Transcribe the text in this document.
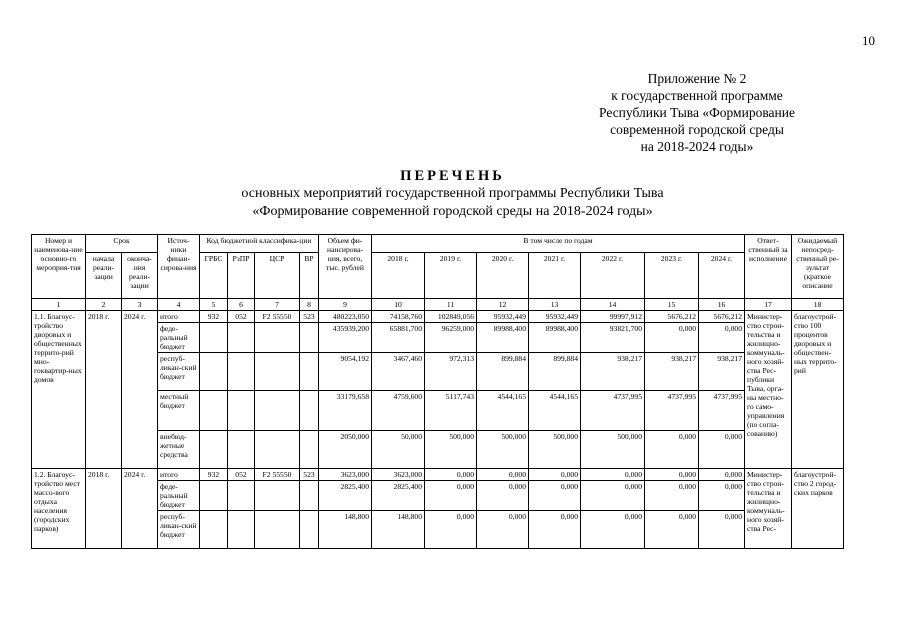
10
Приложение № 2
к государственной программе
Республики Тыва «Формирование
современной городской среды
на 2018-2024 годы»
ПЕРЕЧЕНЬ
основных мероприятий государственной программы Республики Тыва
«Формирование современной городской среды на 2018-2024 годы»
Номер и наименова-ние основно-го мероприя-тия	Срок		Источ-ники финан-сирова-ния	Код бюджетной классифика-ции				Объем фи-нансирова-ния, всего, тыс. рублей	В том числе по годам							Ответ-ственный за исполнение	Ожидаемый непосред-ственный ре-зультат (краткое описание
	начала реали-зации	оконча-ния реали-зации		ГРБС	РзПР	ЦСР	ВР		2018 г.	2019 г.	2020 г.	2021 г.	2022 г.	2023 г.	2024 г.		
1	2	3	4	5	6	7	8	9	10	11	12	13	14	15	16	17	18
1.1. Благоус-тройство дворовых и общественных террито-рий мно-гоквартир-ных домов	2018 г.	2024 г.	итого	932	052	F2 55550	523	480223,050	74158,760	102849,056	95932,449	95932,449	99997,912	5676,212	5676,212	Министер-ство строи-тельства и жилищно-коммуналь-ного хозяй-ства Рес-публики Тыва, орга-ны местно-го само-управления (по согла-сованию)	благоустрой-ство 100 процентов дворовых и обществен-ных террито-рий
			феде-ральный бюджет					435939,200	65881,700	96259,000	89988,400	89988,400	93821,700	0,000	0,000		
			респуб-ликан-ский бюджет					9054,192	3467,460	972,313	899,884	899,884	938,217	938,217	938,217		
			местный бюджет					33179,658	4759,600	5117,743	4544,165	4544,165	4737,995	4737,995	4737,995		
			внебюд-жетные средства					2050,000	50,000	500,000	500,000	500,000	500,000	0,000	0,000		
1.2. Благоус-тройство мест массо-вого отдыха населения (городских парков)	2018 г.	2024 г.	итого	932	052	F2 55550	523	3623,000	3623,000	0,000	0,000	0,000	0,000	0,000	0,000	Министер-ство строи-тельства и жилищно-коммуналь-ного хозяй-ства Рес-	благоустрой-ство 2 город-ских парков
			феде-ральный бюджет					2825,400	2825,400	0,000	0,000	0,000	0,000	0,000	0,000		
			респуб-ликан-ский бюджет					148,800	148,800	0,000	0,000	0,000	0,000	0,000	0,000		
